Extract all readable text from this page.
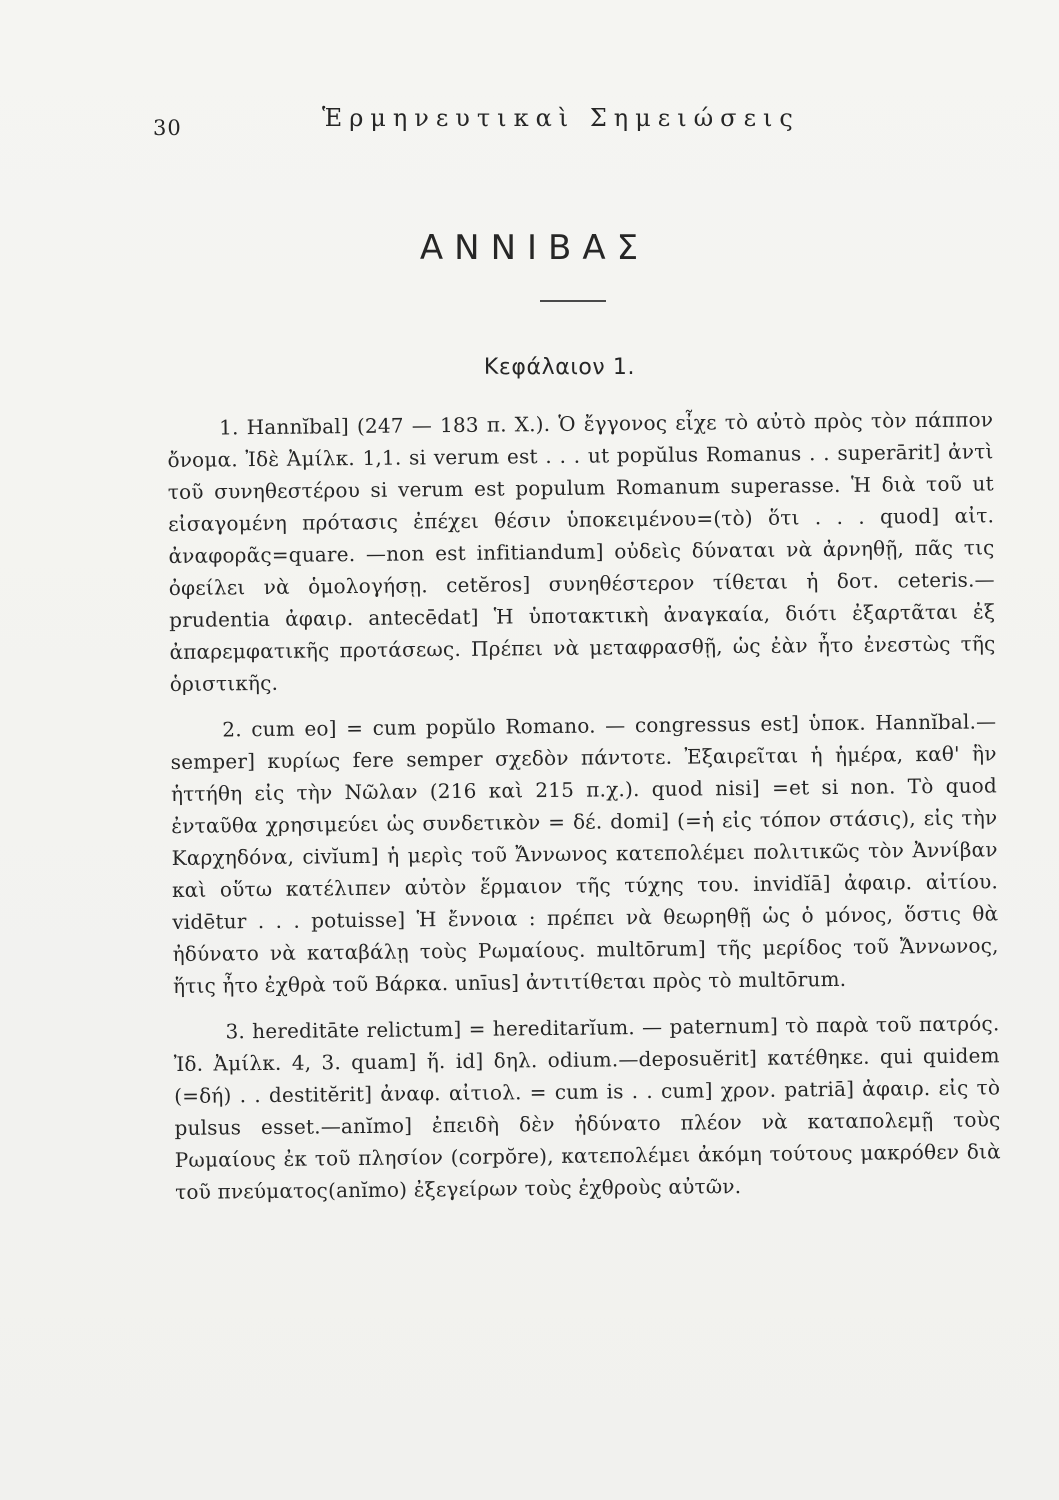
30	Ἑρμηνευτικαὶ Σημειώσεις
ΑΝΝΙΒΑΣ
Κεφάλαιον 1.

1. Hannĭbal] (247 — 183 π. Χ.). Ὁ ἔγγονος εἶχε τὸ αὐτὸ πρὸς τὸν πάππον ὄνομα. Ἰδὲ Ἀμίλκ. 1,1. si verum est . . . ut popŭlus Romanus . . superārit] ἀντὶ τοῦ συνηθεστέρου si verum est populum Romanum superasse. Ἡ διὰ τοῦ ut εἰσαγομένη πρότασις ἐπέχει θέσιν ὑποκειμένου=(τὸ) ὅτι . . . quod] αἰτ. ἀναφορᾶς=quare. —non est infitiandum] οὐδεὶς δύναται νὰ ἀρνηθῇ, πᾶς τις ὀφείλει νὰ ὁμολογήσῃ. cetĕros] συνηθέστερον τίθεται ἡ δοτ. ceteris.— prudentia ἀφαιρ. antecēdat] Ἡ ὑποτακτικὴ ἀναγκαία, διότι ἐξαρτᾶται ἐξ ἀπαρεμφατικῆς προτάσεως. Πρέπει νὰ μεταφρασθῇ, ὡς ἐὰν ἦτο ἐνεστὼς τῆς ὁριστικῆς.

2. cum eo] = cum popŭlo Romano. — congressus est] ὑποκ. Hannĭbal.— semper] κυρίως fere semper σχεδὸν πάντοτε. Ἐξαιρεῖται ἡ ἡμέρα, καθ' ἣν ἡττήθη εἰς τὴν Νῶλαν (216 καὶ 215 π.χ.). quod nisi] =et si non. Τὸ quod ἐνταῦθα χρησιμεύει ὡς συνδετικὸν = δέ. domi] (=ἡ εἰς τόπον στάσις), εἰς τὴν Καρχηδόνα, civĭum] ἡ μερὶς τοῦ Ἄννωνος κατεπολέμει πολιτικῶς τὸν Ἀννίβαν καὶ οὕτω κατέλιπεν αὐτὸν ἕρμαιον τῆς τύχης του. invidĭā] ἀφαιρ. αἰτίου. vidētur . . . potuisse] Ἡ ἔννοια : πρέπει νὰ θεωρηθῇ ὡς ὁ μόνος, ὅστις θὰ ἠδύνατο νὰ καταβάλῃ τοὺς Ρωμαίους. multōrum] τῆς μερίδος τοῦ Ἄννωνος, ἥτις ἦτο ἐχθρὰ τοῦ Βάρκα. unīus] ἀντιτίθεται πρὸς τὸ multōrum.

3. hereditāte relictum] = hereditarĭum. — paternum] τὸ παρὰ τοῦ πατρός. Ἰδ. Ἀμίλκ. 4, 3. quam] ἥ. id] δηλ. odium.—deposuĕrit] κατέθηκε. qui quidem (=δή) . . destitĕrit] ἀναφ. αἰτιολ. = cum is . . cum] χρον. patriā] ἀφαιρ. εἰς τὸ pulsus esset.—anĭmo] ἐπειδὴ δὲν ἠδύνατο πλέον νὰ καταπολεμῇ τοὺς Ρωμαίους ἐκ τοῦ πλησίον (corpŏre), κατεπολέμει ἀκόμη τούτους μακρόθεν διὰ τοῦ πνεύματος(anĭmo) ἐξεγείρων τοὺς ἐχθροὺς αὐτῶν.
